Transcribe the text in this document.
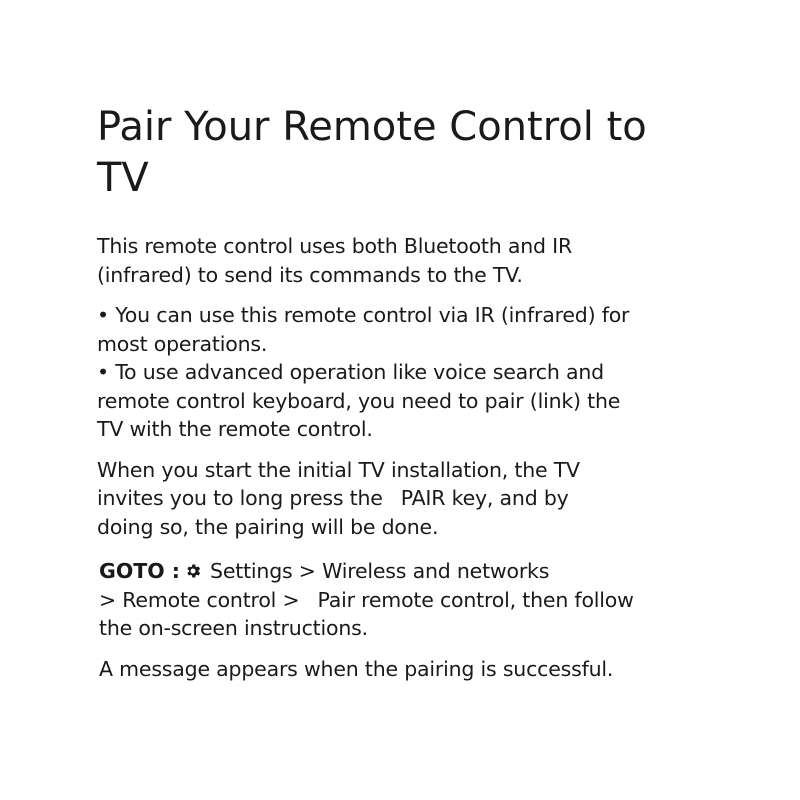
Pair Your Remote Control to
TV

This remote control uses both Bluetooth and IR
(infrared) to send its commands to the TV.

• You can use this remote control via IR (infrared) for
most operations.
• To use advanced operation like voice search and
remote control keyboard, you need to pair (link) the
TV with the remote control.

When you start the initial TV installation, the TV
invites you to long press the PAIR key, and by
doing so, the pairing will be done.

GOTO : Settings > Wireless and networks
> Remote control > Pair remote control, then follow
the on-screen instructions.

A message appears when the pairing is successful.
